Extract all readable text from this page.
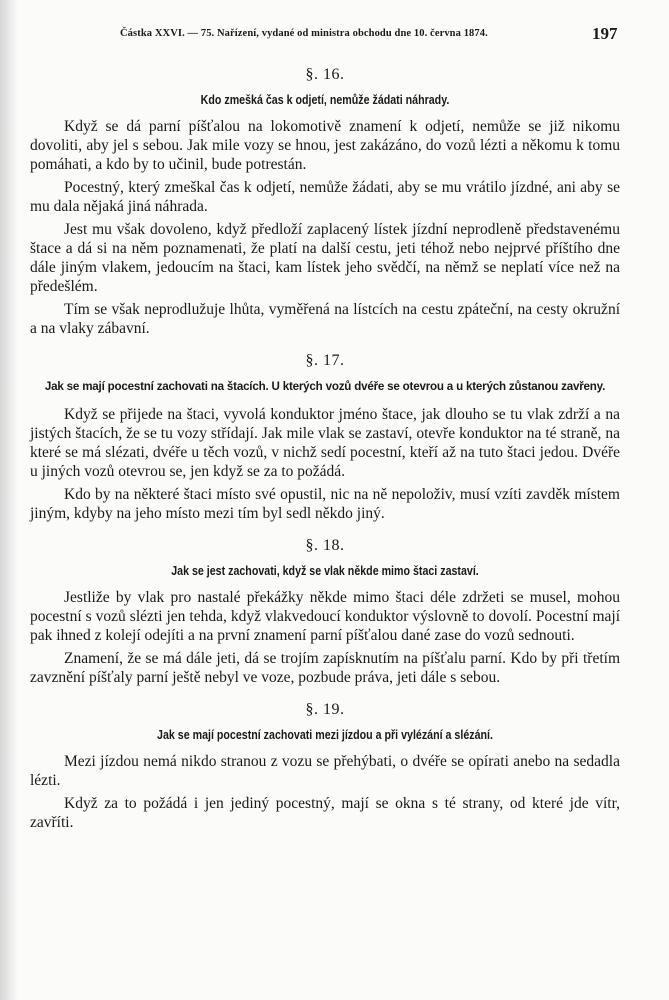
Částka XXVI. — 75. Nařízení, vydané od ministra obchodu dne 10. června 1874.	197
§. 16.
Kdo zmešká čas k odjetí, nemůže žádati náhrady.

Když se dá parní píšťalou na lokomotivě znamení k odjetí, nemůže se již nikomu dovoliti, aby jel s sebou. Jak mile vozy se hnou, jest zakázáno, do vozů lézti a někomu k tomu pomáhati, a kdo by to učinil, bude potrestán.

Pocestný, který zmeškal čas k odjetí, nemůže žádati, aby se mu vrátilo jízdné, ani aby se mu dala nějaká jiná náhrada.

Jest mu však dovoleno, když předloží zaplacený lístek jízdní neprodleně představenému štace a dá si na něm poznamenati, že platí na další cestu, jeti téhož nebo nejprvé příštího dne dále jiným vlakem, jedoucím na štaci, kam lístek jeho svědčí, na němž se neplatí více než na předešlém.

Tím se však neprodlužuje lhůta, vyměřená na lístcích na cestu zpáteční, na cesty okružní a na vlaky zábavní.

§. 17.
Jak se mají pocestní zachovati na štacích. U kterých vozů dvéře se otevrou a u kterých zůstanou zavřeny.

Když se přijede na štaci, vyvolá konduktor jméno štace, jak dlouho se tu vlak zdrží a na jistých štacích, že se tu vozy střídají. Jak mile vlak se zastaví, otevře konduktor na té straně, na které se má slézati, dvéře u těch vozů, v nichž sedí pocestní, kteří až na tuto štaci jedou. Dvéře u jiných vozů otevrou se, jen když se za to požádá.

Kdo by na některé štaci místo své opustil, nic na ně nepoloživ, musí vzíti zavděk místem jiným, kdyby na jeho místo mezi tím byl sedl někdo jiný.

§. 18.
Jak se jest zachovati, když se vlak někde mimo štaci zastaví.

Jestliže by vlak pro nastalé překážky někde mimo štaci déle zdržeti se musel, mohou pocestní s vozů slézti jen tehda, když vlakvedoucí konduktor výslovně to dovolí. Pocestní mají pak ihned z kolejí odejíti a na první znamení parní píšťalou dané zase do vozů sednouti.

Znamení, že se má dále jeti, dá se trojím zapísknutím na píšťalu parní. Kdo by při třetím zavznění píšťaly parní ještě nebyl ve voze, pozbude práva, jeti dále s sebou.

§. 19.
Jak se mají pocestní zachovati mezi jízdou a při vylézání a slézání.

Mezi jízdou nemá nikdo stranou z vozu se přehýbati, o dvéře se opírati anebo na sedadla lézti.

Když za to požádá i jen jediný pocestný, mají se okna s té strany, od které jde vítr, zavříti.
